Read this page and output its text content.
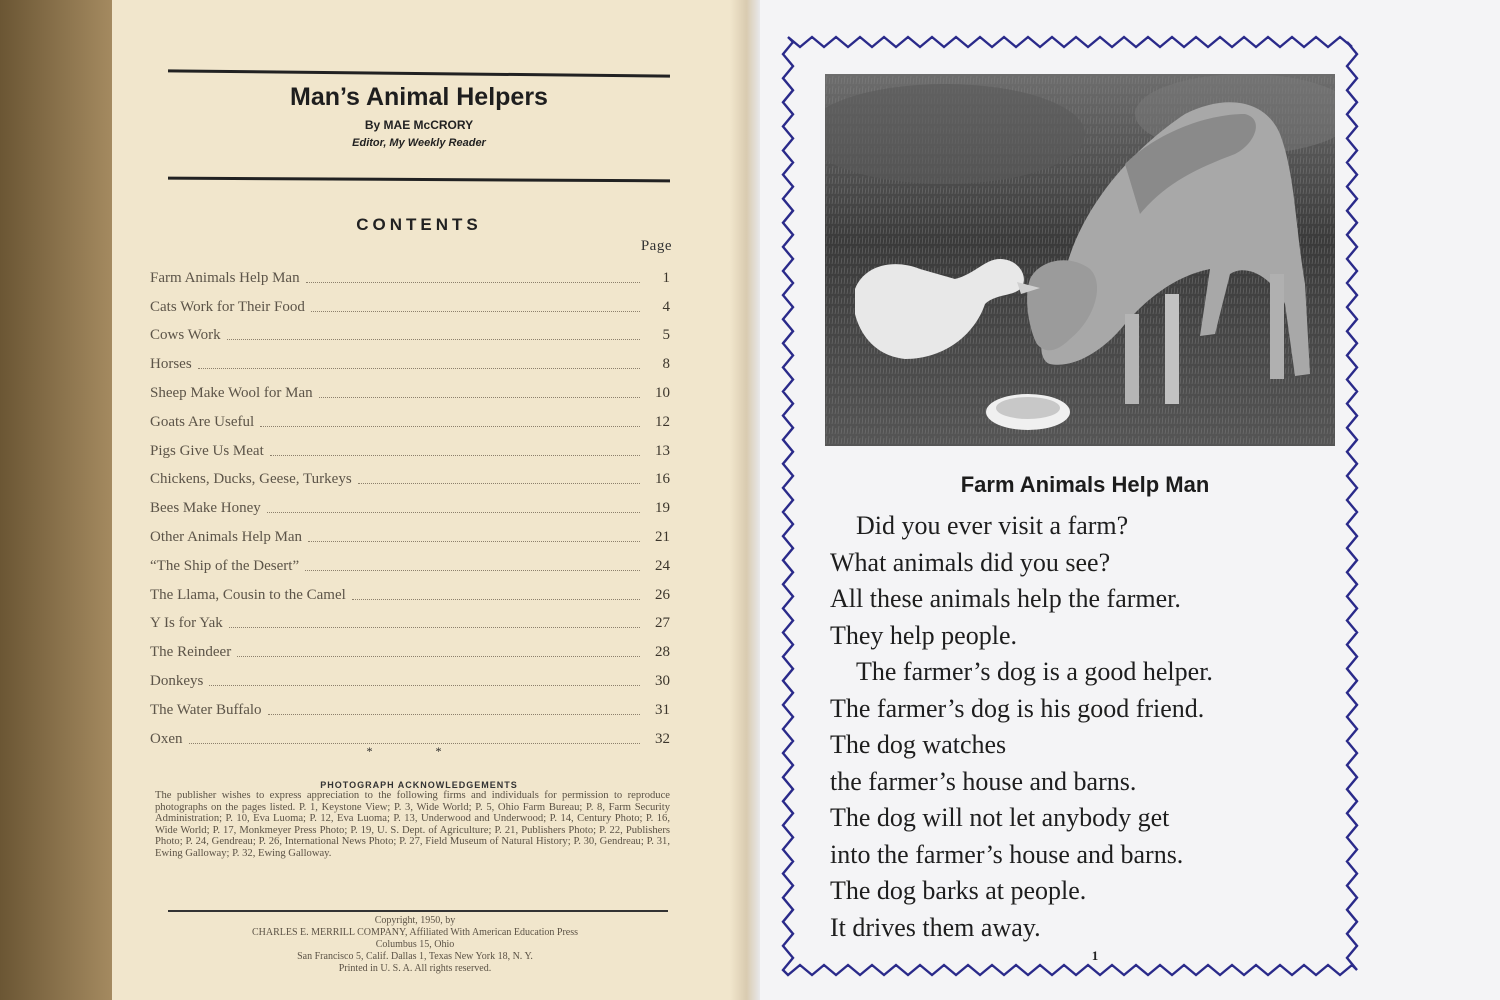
Man’s Animal Helpers
By MAE McCRORY
Editor, My Weekly Reader
CONTENTS
Page
Farm Animals Help Man	1
Cats Work for Their Food	4
Cows Work	5
Horses	8
Sheep Make Wool for Man	10
Goats Are Useful	12
Pigs Give Us Meat	13
Chickens, Ducks, Geese, Turkeys	16
Bees Make Honey	19
Other Animals Help Man	21
“The Ship of the Desert”	24
The Llama, Cousin to the Camel	26
Y Is for Yak	27
The Reindeer	28
Donkeys	30
The Water Buffalo	31
Oxen	32
* *
PHOTOGRAPH ACKNOWLEDGEMENTS
The publisher wishes to express appreciation to the following firms and individuals for permission to reproduce photographs on the pages listed. P. 1, Keystone View; P. 3, Wide World; P. 5, Ohio Farm Bureau; P. 8, Farm Security Administration; P. 10, Eva Luoma; P. 12, Eva Luoma; P. 13, Underwood and Underwood; P. 14, Century Photo; P. 16, Wide World; P. 17, Monkmeyer Press Photo; P. 19, U. S. Dept. of Agriculture; P. 21, Publishers Photo; P. 22, Publishers Photo; P. 24, Gendreau; P. 26, International News Photo; P. 27, Field Museum of Natural History; P. 30, Gendreau; P. 31, Ewing Galloway; P. 32, Ewing Galloway.
Copyright, 1950, by
CHARLES E. MERRILL COMPANY, Affiliated With American Education Press
Columbus 15, Ohio
San Francisco 5, Calif. Dallas 1, Texas New York 18, N. Y.
Printed in U. S. A. All rights reserved.
Farm Animals Help Man

Did you ever visit a farm?

What animals did you see?

All these animals help the farmer.

They help people.

The farmer’s dog is a good helper.

The farmer’s dog is his good friend.

The dog watches

the farmer’s house and barns.

The dog will not let anybody get

into the farmer’s house and barns.

The dog barks at people.

It drives them away.

1
